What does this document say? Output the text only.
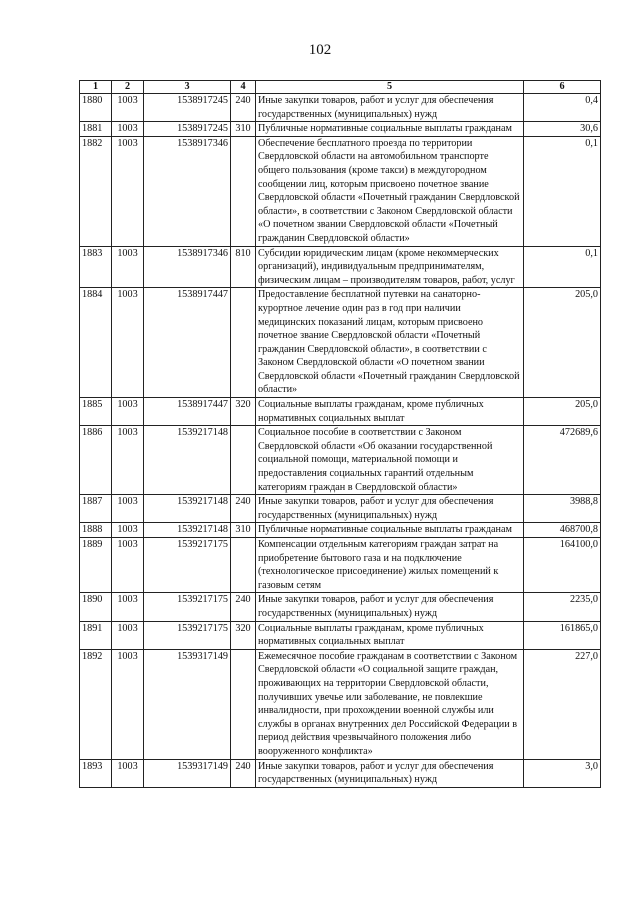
102
1	2	3	4	5	6
1880	1003	1538917245	240	Иные закупки товаров, работ и услуг для обеспечения государственных (муниципальных) нужд	0,4
1881	1003	1538917245	310	Публичные нормативные социальные выплаты гражданам	30,6
1882	1003	1538917346		Обеспечение бесплатного проезда по территории Свердловской области на автомобильном транспорте общего пользования (кроме такси) в междугородном сообщении лиц, которым присвоено почетное звание Свердловской области «Почетный гражданин Свердловской области», в соответствии с Законом Свердловской области «О почетном звании Свердловской области «Почетный гражданин Свердловской области»	0,1
1883	1003	1538917346	810	Субсидии юридическим лицам (кроме некоммерческих организаций), индивидуальным предпринимателям, физическим лицам – производителям товаров, работ, услуг	0,1
1884	1003	1538917447		Предоставление бесплатной путевки на санаторно-курортное лечение один раз в год при наличии медицинских показаний лицам, которым присвоено почетное звание Свердловской области «Почетный гражданин Свердловской области», в соответствии с Законом Свердловской области «О почетном звании Свердловской области «Почетный гражданин Свердловской области»	205,0
1885	1003	1538917447	320	Социальные выплаты гражданам, кроме публичных нормативных социальных выплат	205,0
1886	1003	1539217148		Социальное пособие в соответствии с Законом Свердловской области «Об оказании государственной социальной помощи, материальной помощи и предоставления социальных гарантий отдельным категориям граждан в Свердловской области»	472689,6
1887	1003	1539217148	240	Иные закупки товаров, работ и услуг для обеспечения государственных (муниципальных) нужд	3988,8
1888	1003	1539217148	310	Публичные нормативные социальные выплаты гражданам	468700,8
1889	1003	1539217175		Компенсации отдельным категориям граждан затрат на приобретение бытового газа и на подключение (технологическое присоединение) жилых помещений к газовым сетям	164100,0
1890	1003	1539217175	240	Иные закупки товаров, работ и услуг для обеспечения государственных (муниципальных) нужд	2235,0
1891	1003	1539217175	320	Социальные выплаты гражданам, кроме публичных нормативных социальных выплат	161865,0
1892	1003	1539317149		Ежемесячное пособие гражданам в соответствии с Законом Свердловской области «О социальной защите граждан, проживающих на территории Свердловской области, получивших увечье или заболевание, не повлекшие инвалидности, при прохождении военной службы или службы в органах внутренних дел Российской Федерации в период действия чрезвычайного положения либо вооруженного конфликта»	227,0
1893	1003	1539317149	240	Иные закупки товаров, работ и услуг для обеспечения государственных (муниципальных) нужд	3,0
